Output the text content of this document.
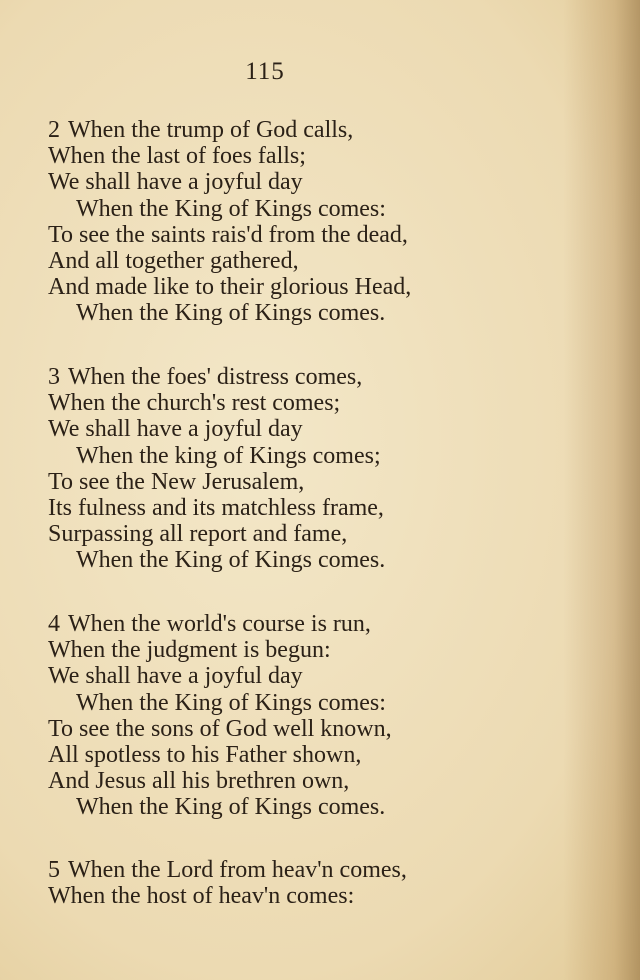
115
2 When the trump of God calls,
When the last of foes falls;
We shall have a joyful day
When the King of Kings comes:
To see the saints rais'd from the dead,
And all together gathered,
And made like to their glorious Head,
When the King of Kings comes.
3 When the foes' distress comes,
When the church's rest comes;
We shall have a joyful day
When the king of Kings comes;
To see the New Jerusalem,
Its fulness and its matchless frame,
Surpassing all report and fame,
When the King of Kings comes.
4 When the world's course is run,
When the judgment is begun:
We shall have a joyful day
When the King of Kings comes:
To see the sons of God well known,
All spotless to his Father shown,
And Jesus all his brethren own,
When the King of Kings comes.
5 When the Lord from heav'n comes,
When the host of heav'n comes:
